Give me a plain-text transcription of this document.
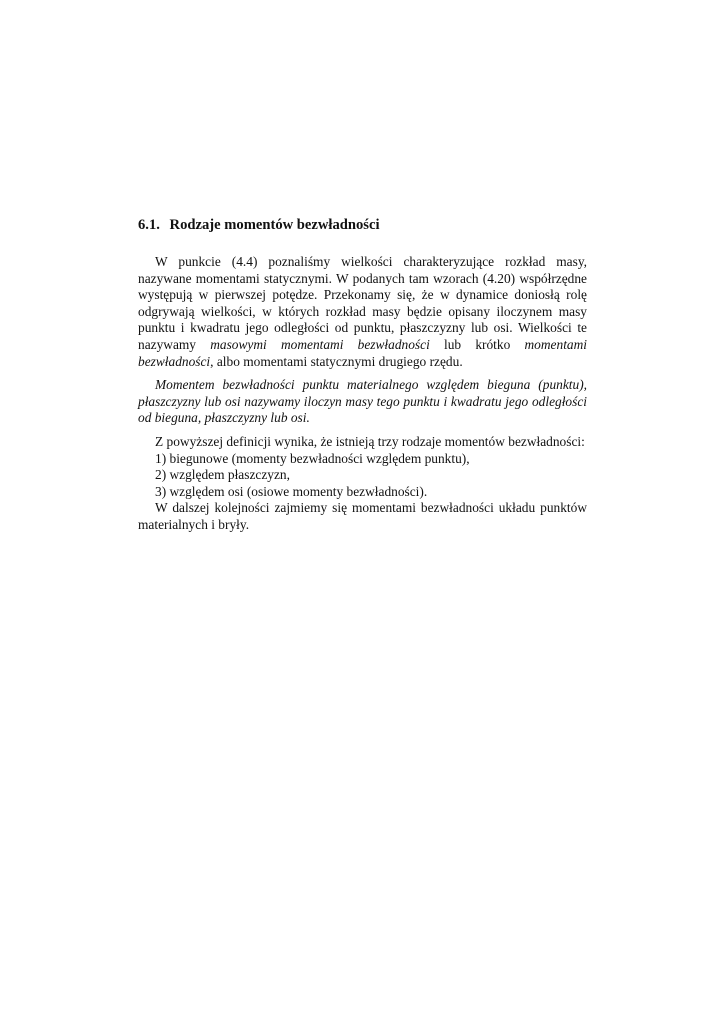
6.1. Rodzaje momentów bezwładności

W punkcie (4.4) poznaliśmy wielkości charakteryzujące rozkład masy, nazywane momentami statycznymi. W podanych tam wzorach (4.20) współrzędne występują w pierwszej potędze. Przekonamy się, że w dynamice doniosłą rolę odgrywają wielkości, w których rozkład masy będzie opisany iloczynem masy punktu i kwadratu jego odległości od punktu, płaszczyzny lub osi. Wielkości te nazywamy masowymi momentami bezwładności lub krótko momentami bezwładności, albo momentami statycznymi drugiego rzędu.

Momentem bezwładności punktu materialnego względem bieguna (punktu), płaszczyzny lub osi nazywamy iloczyn masy tego punktu i kwadratu jego odległości od bieguna, płaszczyzny lub osi.

Z powyższej definicji wynika, że istnieją trzy rodzaje momentów bezwładności:

1) biegunowe (momenty bezwładności względem punktu),
2) względem płaszczyzn,
3) względem osi (osiowe momenty bezwładności).

W dalszej kolejności zajmiemy się momentami bezwładności układu punktów materialnych i bryły.
